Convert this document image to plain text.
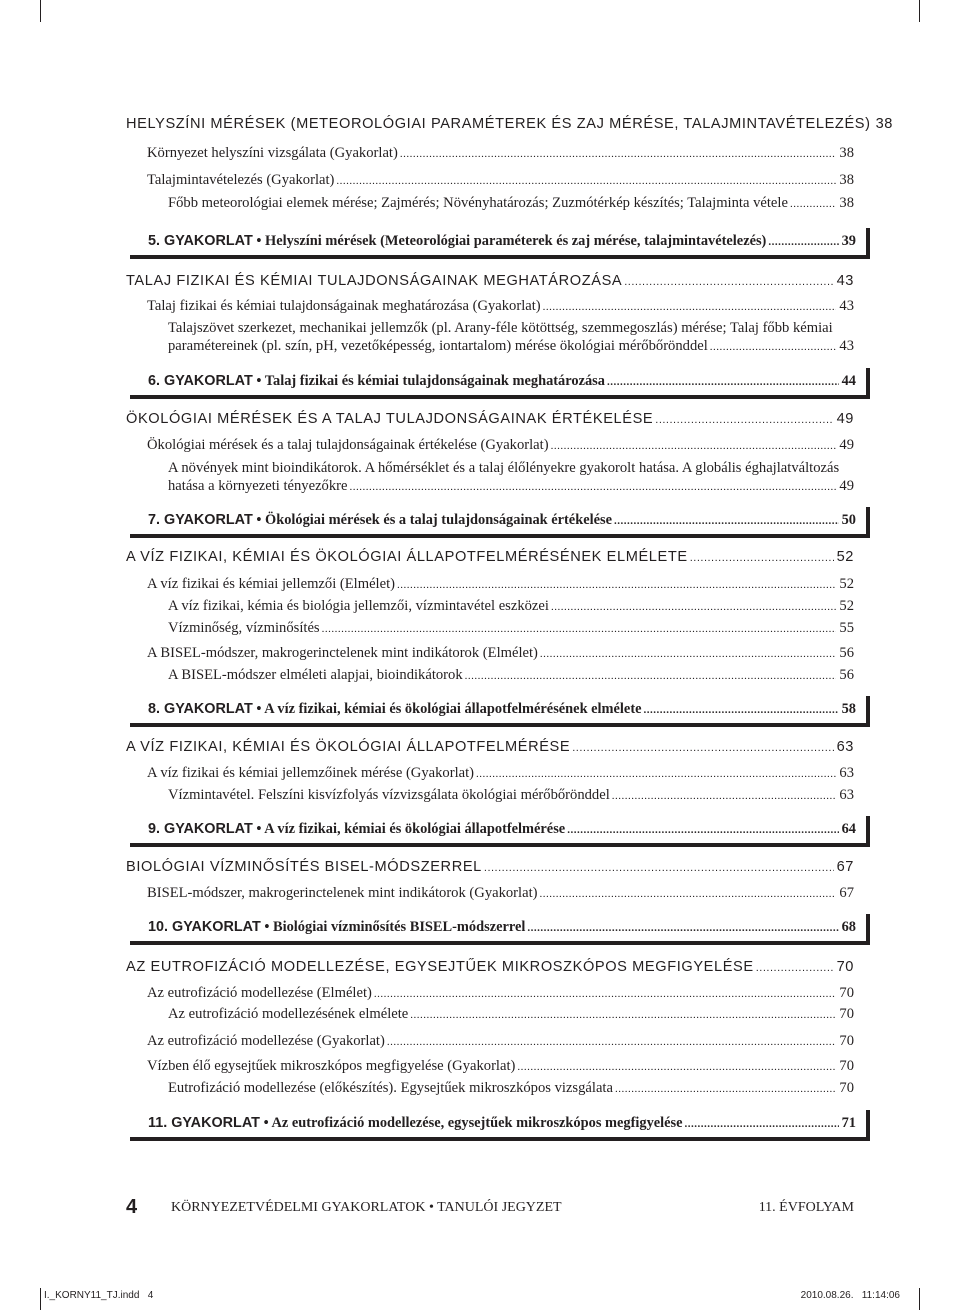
HELYSZÍNI MÉRÉSEK (METEOROLÓGIAI PARAMÉTEREK ÉS ZAJ MÉRÉSE, TALAJMINTAVÉTELEZÉS) 38
Környezet helyszíni vizsgálata (Gyakorlat) .....	38
Talajmintavételezés (Gyakorlat) .....	38
Főbb meteorológiai elemek mérése; Zajmérés; Növényhatározás; Zuzmótérkép készítés; Talajminta vétele .....	38
5. GYAKORLAT • Helyszíni mérések (Meteorológiai paraméterek és zaj mérése, talajmintavételezés) .....	39
TALAJ FIZIKAI ÉS KÉMIAI TULAJDONSÁGAINAK MEGHATÁROZÁSA .....	43
Talaj fizikai és kémiai tulajdonságainak meghatározása (Gyakorlat) .....	43
Talajszövet szerkezet, mechanikai jellemzők (pl. Arany-féle kötöttség, szemmegoszlás) mérése; Talaj főbb kémiai
paramétereinek (pl. szín, pH, vezetőképesség, iontartalom) mérése ökológiai mérőbőrönddel .....	43
6. GYAKORLAT • Talaj fizikai és kémiai tulajdonságainak meghatározása .....	44
ÖKOLÓGIAI MÉRÉSEK ÉS A TALAJ TULAJDONSÁGAINAK ÉRTÉKELÉSE .....	49
Ökológiai mérések és a talaj tulajdonságainak értékelése (Gyakorlat) .....	49
A növények mint bioindikátorok. A hőmérséklet és a talaj élőlényekre gyakorolt hatása. A globális éghajlatváltozás
hatása a környezeti tényezőkre .....	49
7. GYAKORLAT • Ökológiai mérések és a talaj tulajdonságainak értékelése .....	50
A VÍZ FIZIKAI, KÉMIAI ÉS ÖKOLÓGIAI ÁLLAPOTFELMÉRÉSÉNEK ELMÉLETE .....	52
A víz fizikai és kémiai jellemzői (Elmélet) .....	52
A víz fizikai, kémia és biológia jellemzői, vízmintavétel eszközei .....	52
Vízminőség, vízminősítés .....	55
A BISEL-módszer, makrogerinctelenek mint indikátorok (Elmélet) .....	56
A BISEL-módszer elméleti alapjai, bioindikátorok .....	56
8. GYAKORLAT • A víz fizikai, kémiai és ökológiai állapotfelmérésének elmélete .....	58
A VÍZ FIZIKAI, KÉMIAI ÉS ÖKOLÓGIAI ÁLLAPOTFELMÉRÉSE .....	63
A víz fizikai és kémiai jellemzőinek mérése (Gyakorlat) .....	63
Vízmintavétel. Felszíni kisvízfolyás vízvizsgálata ökológiai mérőbőrönddel .....	63
9. GYAKORLAT • A víz fizikai, kémiai és ökológiai állapotfelmérése .....	64
BIOLÓGIAI VÍZMINŐSÍTÉS BISEL-MÓDSZERREL .....	67
BISEL-módszer, makrogerinctelenek mint indikátorok (Gyakorlat) .....	67
10. GYAKORLAT • Biológiai vízminősítés BISEL-módszerrel .....	68
AZ EUTROFIZÁCIÓ MODELLEZÉSE, EGYSEJTŰEK MIKROSZKÓPOS MEGFIGYELÉSE .....	70
Az eutrofizáció modellezése (Elmélet) .....	70
Az eutrofizáció modellezésének elmélete .....	70
Az eutrofizáció modellezése (Gyakorlat) .....	70
Vízben élő egysejtűek mikroszkópos megfigyelése (Gyakorlat) .....	70
Eutrofizáció modellezése (előkészítés). Egysejtűek mikroszkópos vizsgálata .....	70
11. GYAKORLAT • Az eutrofizáció modellezése, egysejtűek mikroszkópos megfigyelése .....	71
4 KÖRNYEZETVÉDELMI GYAKORLATOK • TANULÓI JEGYZET	11. ÉVFOLYAM
I._KORNY11_TJ.indd   4	2010.08.26.   11:14:06
